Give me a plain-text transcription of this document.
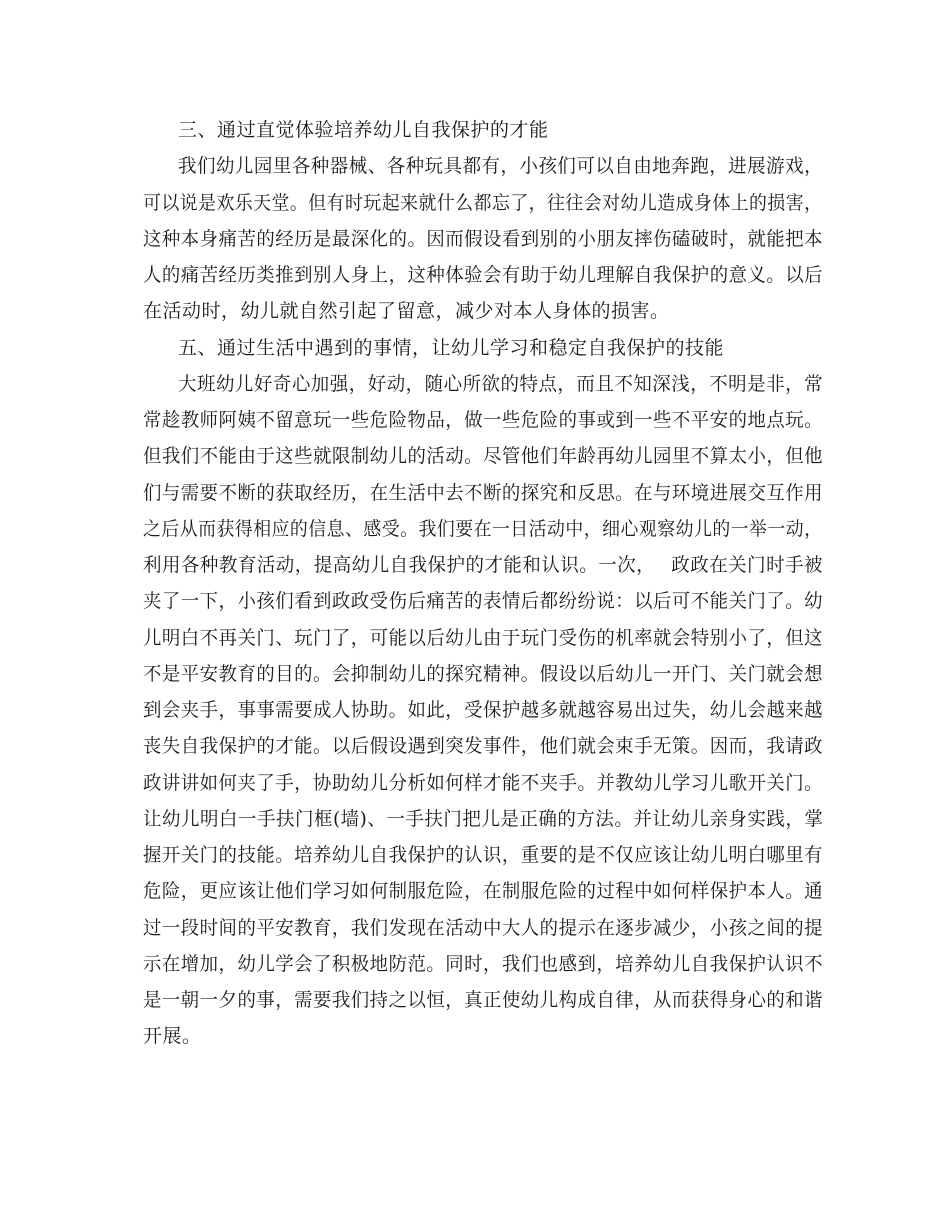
三、通过直觉体验培养幼儿自我保护的才能
我们幼儿园里各种器械、各种玩具都有，小孩们可以自由地奔跑，进展游戏，
可以说是欢乐天堂。但有时玩起来就什么都忘了，往往会对幼儿造成身体上的损害，
这种本身痛苦的经历是最深化的。因而假设看到别的小朋友摔伤磕破时，就能把本
人的痛苦经历类推到别人身上，这种体验会有助于幼儿理解自我保护的意义。以后
在活动时，幼儿就自然引起了留意，减少对本人身体的损害。
五、通过生活中遇到的事情，让幼儿学习和稳定自我保护的技能
大班幼儿好奇心加强，好动，随心所欲的特点，而且不知深浅，不明是非，常
常趁教师阿姨不留意玩一些危险物品，做一些危险的事或到一些不平安的地点玩。
但我们不能由于这些就限制幼儿的活动。尽管他们年龄再幼儿园里不算太小，但他
们与需要不断的获取经历，在生活中去不断的探究和反思。在与环境进展交互作用
之后从而获得相应的信息、感受。我们要在一日活动中，细心观察幼儿的一举一动，
利用各种教育活动，提高幼儿自我保护的才能和认识。一次，　 政政在关门时手被
夹了一下，小孩们看到政政受伤后痛苦的表情后都纷纷说：以后可不能关门了。幼
儿明白不再关门、玩门了，可能以后幼儿由于玩门受伤的机率就会特别小了，但这
不是平安教育的目的。会抑制幼儿的探究精神。假设以后幼儿一开门、关门就会想
到会夹手，事事需要成人协助。如此，受保护越多就越容易出过失，幼儿会越来越
丧失自我保护的才能。以后假设遇到突发事件，他们就会束手无策。因而，我请政
政讲讲如何夹了手，协助幼儿分析如何样才能不夹手。并教幼儿学习儿歌开关门。
让幼儿明白一手扶门框(墙)、一手扶门把儿是正确的方法。并让幼儿亲身实践，掌
握开关门的技能。培养幼儿自我保护的认识，重要的是不仅应该让幼儿明白哪里有
危险，更应该让他们学习如何制服危险，在制服危险的过程中如何样保护本人。通
过一段时间的平安教育，我们发现在活动中大人的提示在逐步减少，小孩之间的提
示在增加，幼儿学会了积极地防范。同时，我们也感到，培养幼儿自我保护认识不
是一朝一夕的事，需要我们持之以恒，真正使幼儿构成自律，从而获得身心的和谐
开展。
